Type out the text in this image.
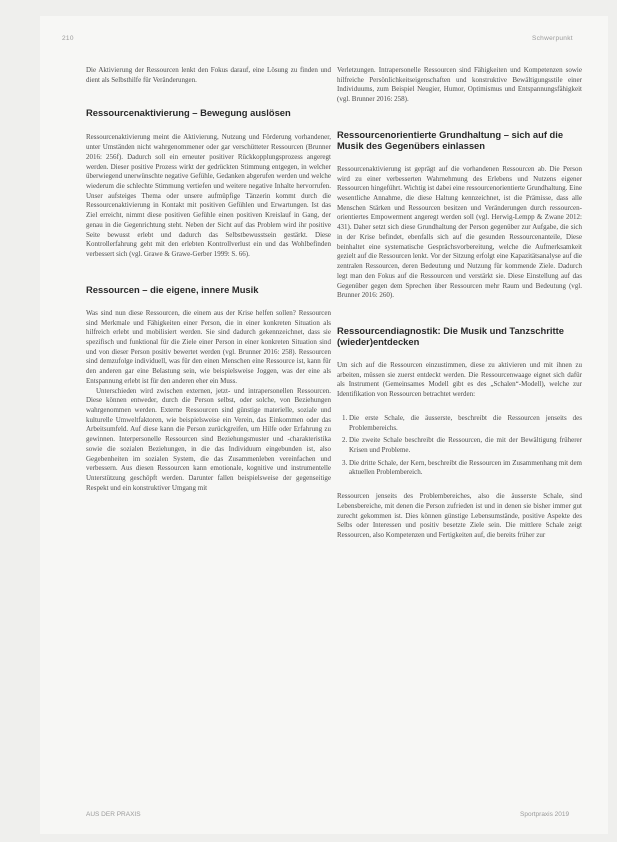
210	Schwerpunkt

Die Aktivierung der Ressourcen lenkt den Fokus darauf, eine Lösung zu finden und dient als Selbsthilfe für Veränderungen.

Ressourcenaktivierung – Bewegung auslösen

Ressourcenaktivierung meint die Aktivierung, Nutzung und Förderung vorhandener, unter Umständen nicht wahrgenommener oder gar verschütteter Ressourcen (Brunner 2016: 256f). Dadurch soll ein erneuter positiver Rückkopplungsprozess angeregt werden. Dieser positive Prozess wirkt der gedrückten Stimmung entgegen, in welcher überwiegend unerwünschte negative Gefühle, Gedanken abgerufen werden und welche wiederum die schlechte Stimmung vertiefen und weitere negative Inhalte hervorrufen. Unser aufsteiges Thema oder unsere aufmüpfige Tänzerin kommt durch die Ressourcenaktivierung in Kontakt mit positiven Gefühlen und Erwartungen. Ist das Ziel erreicht, nimmt diese positiven Gefühle einen positiven Kreislauf in Gang, der genau in die Gegenrichtung steht. Neben der Sicht auf das Problem wird ihr positive Seite bewusst erlebt und dadurch das Selbstbewusstsein gestärkt. Diese Kontrollerfahrung geht mit den erlebten Kontrollverlust ein und das Wohlbefinden verbessert sich (vgl. Grawe & Grawe-Gerber 1999: S. 66).

Ressourcen – die eigene, innere Musik

Was sind nun diese Ressourcen, die einem aus der Krise helfen sollen? Ressourcen sind Merkmale und Fähigkeiten einer Person, die in einer konkreten Situation als hilfreich erlebt und mobilisiert werden. Sie sind dadurch gekennzeichnet, dass sie spezifisch und funktional für die Ziele einer Person in einer konkreten Situation sind und von dieser Person positiv bewertet werden (vgl. Brunner 2016: 258). Ressourcen sind demzufolge individuell, was für den einen Menschen eine Ressource ist, kann für den anderen gar eine Belastung sein, wie beispielsweise Joggen, was der eine als Entspannung erlebt ist für den anderen eher ein Muss.

Unterschieden wird zwischen externen, jetzt- und intrapersonellen Ressourcen. Diese können entweder, durch die Person selbst, oder solche, von Beziehungen wahrgenommen werden. Externe Ressourcen sind günstige materielle, soziale und kulturelle Umweltfaktoren, wie beispielsweise ein Verein, das Einkommen oder das Arbeitsumfeld. Auf diese kann die Person zurückgreifen, um Hilfe oder Erfahrung zu gewinnen. Interpersonelle Ressourcen sind Beziehungsmuster und -charakteristika sowie die sozialen Beziehungen, in die das Individuum eingebunden ist, also Gegebenheiten im sozialen System, die das Zusammenleben vereinfachen und verbessern. Aus diesen Ressourcen kann emotionale, kognitive und instrumentelle Unterstützung geschöpft werden. Darunter fallen beispielsweise der gegenseitige Respekt und ein konstruktiver Umgang mit

Verletzungen. Intrapersonelle Ressourcen sind Fähigkeiten und Kompetenzen sowie hilfreiche Persönlichkeitseigenschaften und konstruktive Bewältigungsstile einer Individuums, zum Beispiel Neugier, Humor, Optimismus und Entspannungsfähigkeit (vgl. Brunner 2016: 258).

Ressourcenorientierte Grundhaltung – sich auf die Musik des Gegenübers einlassen

Ressourcenaktivierung ist geprägt auf die vorhandenen Ressourcen ab. Die Person wird zu einer verbesserten Wahrnehmung des Erlebens und Nutzens eigener Ressourcen hingeführt. Wichtig ist dabei eine ressourcenorientierte Grundhaltung. Eine wesentliche Annahme, die diese Haltung kennzeichnet, ist die Prämisse, dass alle Menschen Stärken und Ressourcen besitzen und Veränderungen durch ressourcen-orientiertes Empowerment angeregt werden soll (vgl. Herwig-Lempp & Zwane 2012: 431). Daher setzt sich diese Grundhaltung der Person gegenüber zur Aufgabe, die sich in der Krise befindet, ebenfalls sich auf die gesunden Ressourcenanteile, Diese beinhaltet eine systematische Gesprächsvorbereitung, welche die Aufmerksamkeit gezielt auf die Ressourcen lenkt. Vor der Sitzung erfolgt eine Kapazitätsanalyse auf die zentralen Ressourcen, deren Bedeutung und Nutzung für kommende Ziele. Dadurch legt man den Fokus auf die Ressourcen und verstärkt sie. Diese Einstellung auf das Gegenüber gegen dem Sprechen über Ressourcen mehr Raum und Bedeutung (vgl. Brunner 2016: 260).

Ressourcendiagnostik: Die Musik und Tanzschritte (wieder)entdecken

Um sich auf die Ressourcen einzustimmen, diese zu aktivieren und mit ihnen zu arbeiten, müssen sie zuerst entdeckt werden. Die Ressourcenwaage eignet sich dafür als Instrument (Gemeinsames Modell gibt es des „Schalen“-Modell), welche zur Identifikation von Ressourcen betrachtet werden:

1. Die erste Schale, die äusserste, beschreibt die Ressourcen jenseits des Problembereichs.
2. Die zweite Schale beschreibt die Ressourcen, die mit der Bewältigung früherer Krisen und Probleme.
3. Die dritte Schale, der Kern, beschreibt die Ressourcen im Zusammenhang mit dem aktuellen Problembereich.

Ressourcen jenseits des Problembereiches, also die äusserste Schale, sind Lebensbereiche, mit denen die Person zufrieden ist und in denen sie bisher immer gut zurecht gekommen ist. Dies können günstige Lebensumstände, positive Aspekte des Selbs oder Interessen und positiv besetzte Ziele sein. Die mittlere Schale zeigt Ressourcen, also Kompetenzen und Fertigkeiten auf, die bereits früher zur

AUS DER PRAXIS	Sportpraxis 2019
